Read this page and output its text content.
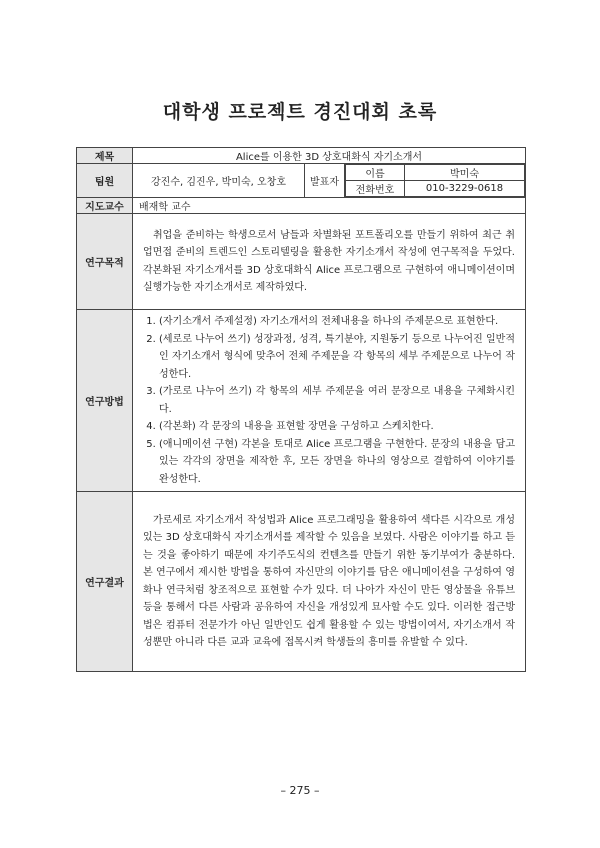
대학생 프로젝트 경진대회 초록
제목	Alice를 이용한 3D 상호대화식 자기소개서
팀원	강진수, 김진우, 박미숙, 오창호	발표자	
이름	박미숙
전화번호	010-3229-0618

지도교수	배재학 교수
연구목적	
취업을 준비하는 학생으로서 남들과 차별화된 포트폴리오를 만들기 위하여 최근 취업면접 준비의 트렌드인 스토리텔링을 활용한 자기소개서 작성에 연구목적을 두었다. 각본화된 자기소개서를 3D 상호대화식 Alice 프로그램으로 구현하여 애니메이션이며 실행가능한 자기소개서로 제작하였다.

연구방법	
1. (자기소개서 주제설정) 자기소개서의 전체내용을 하나의 주제문으로 표현한다.
2. (세로로 나누어 쓰기) 성장과정, 성격, 특기분야, 지원동기 등으로 나누어진 일반적인 자기소개서 형식에 맞추어 전체 주제문을 각 항목의 세부 주제문으로 나누어 작성한다.
3. (가로로 나누어 쓰기) 각 항목의 세부 주제문을 여러 문장으로 내용을 구체화시킨다.
4. (각본화) 각 문장의 내용을 표현할 장면을 구성하고 스케치한다.
5. (애니메이션 구현) 각본을 토대로 Alice 프로그램을 구현한다. 문장의 내용을 담고 있는 각각의 장면을 제작한 후, 모든 장면을 하나의 영상으로 결합하여 이야기를 완성한다.

연구결과	
가로세로 자기소개서 작성법과 Alice 프로그래밍을 활용하여 색다른 시각으로 개성있는 3D 상호대화식 자기소개서를 제작할 수 있음을 보였다. 사람은 이야기를 하고 듣는 것을 좋아하기 때문에 자기주도식의 컨텐츠를 만들기 위한 동기부여가 충분하다. 본 연구에서 제시한 방법을 통하여 자신만의 이야기를 담은 애니메이션을 구성하여 영화나 연극처럼 창조적으로 표현할 수가 있다. 더 나아가 자신이 만든 영상물을 유튜브 등을 통해서 다른 사람과 공유하여 자신을 개성있게 묘사할 수도 있다. 이러한 접근방법은 컴퓨터 전문가가 아닌 일반인도 쉽게 활용할 수 있는 방법이여서, 자기소개서 작성뿐만 아니라 다른 교과 교육에 접목시켜 학생들의 흥미를 유발할 수 있다.
– 275 –
